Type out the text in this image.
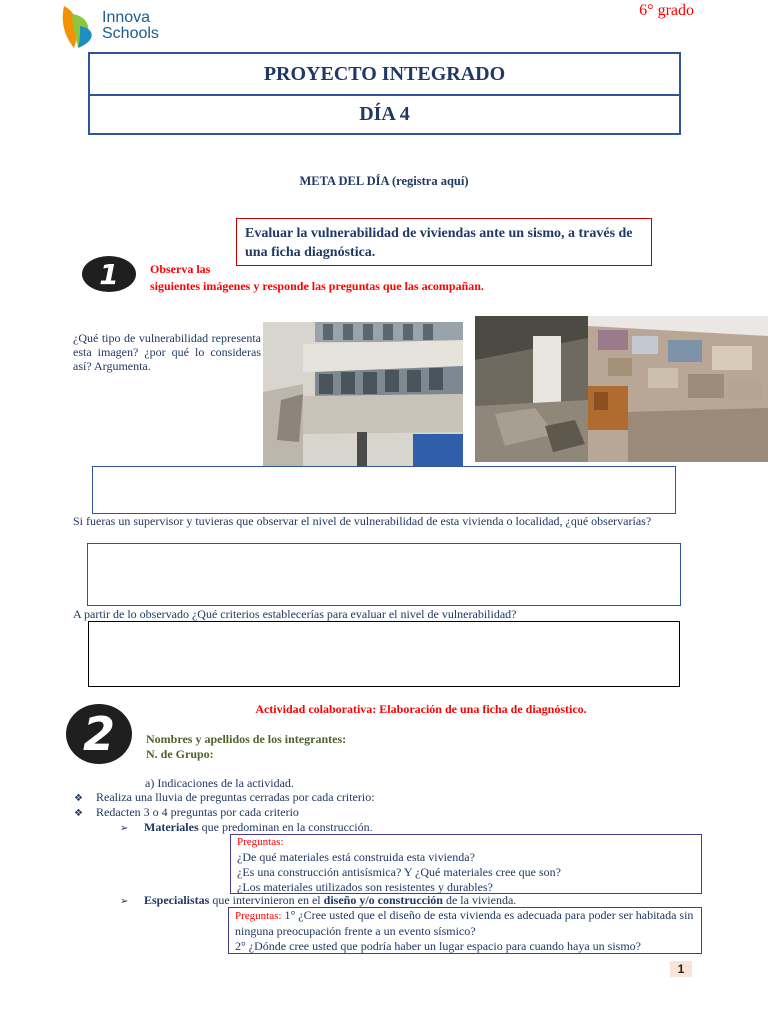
Innova
Schools
6° grado
PROYECTO INTEGRADO
DÍA 4
META DEL DÍA (registra aquí)
Evaluar la vulnerabilidad de viviendas ante un sismo, a través de una ficha diagnóstica.
1	Observa las
siguientes imágenes y responde las preguntas que las acompañan.
¿Qué tipo de vulnerabilidad representa esta imagen? ¿por qué lo consideras así? Argumenta.
Si fueras un supervisor y tuvieras que observar el nivel de vulnerabilidad de esta vivienda o localidad, ¿qué observarías?
A partir de lo observado ¿Qué criterios establecerías para evaluar el nivel de vulnerabilidad?
2	Actividad colaborativa: Elaboración de una ficha de diagnóstico.
Nombres y apellidos de los integrantes:
N. de Grupo:
a) Indicaciones de la actividad.
❖ Realiza una lluvia de preguntas cerradas por cada criterio:
❖ Redacten 3 o 4 preguntas por cada criterio
➢ Materiales que predominan en la construcción.
Preguntas:
¿De qué materiales está construida esta vivienda?
¿Es una construcción antisísmica? Y ¿Qué materiales cree que son?
¿Los materiales utilizados son resistentes y durables?
➢ Especialistas que intervinieron en el diseño y/o construcción de la vivienda.
Preguntas: 1° ¿Cree usted que el diseño de esta vivienda es adecuada para poder ser habitada sin ninguna preocupación frente a un evento sísmico?
2° ¿Dónde cree usted que podría haber un lugar espacio para cuando haya un sismo?
1
